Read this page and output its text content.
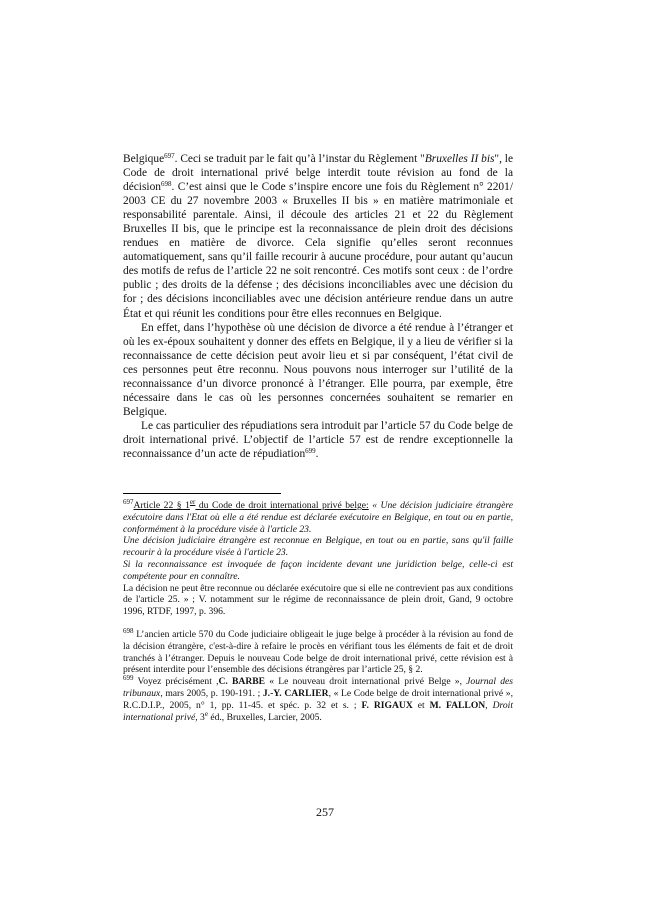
Belgique$^{697}$. Ceci se traduit par le fait qu’à l’instar du Règlement "Bruxelles II bis", le Code de droit international privé belge interdit toute révision au fond de la décision$^{698}$. C’est ainsi que le Code s’inspire encore une fois du Règlement n° 2201/ 2003 CE du 27 novembre 2003 « Bruxelles II bis » en matière matrimoniale et responsabilité parentale. Ainsi, il découle des articles 21 et 22 du Règlement Bruxelles II bis, que le principe est la reconnaissance de plein droit des décisions rendues en matière de divorce. Cela signifie qu’elles seront reconnues automatiquement, sans qu’il faille recourir à aucune procédure, pour autant qu’aucun des motifs de refus de l’article 22 ne soit rencontré. Ces motifs sont ceux : de l’ordre public ; des droits de la défense ; des décisions inconciliables avec une décision du for ; des décisions inconciliables avec une décision antérieure rendue dans un autre État et qui réunit les conditions pour être elles reconnues en Belgique.

En effet, dans l’hypothèse où une décision de divorce a été rendue à l’étranger et où les ex-époux souhaitent y donner des effets en Belgique, il y a lieu de vérifier si la reconnaissance de cette décision peut avoir lieu et si par conséquent, l’état civil de ces personnes peut être reconnu. Nous pouvons nous interroger sur l’utilité de la reconnaissance d’un divorce prononcé à l’étranger. Elle pourra, par exemple, être nécessaire dans le cas où les personnes concernées souhaitent se remarier en Belgique.

Le cas particulier des répudiations sera introduit par l’article 57 du Code belge de droit international privé. L’objectif de l’article 57 est de rendre exceptionnelle la reconnaissance d’un acte de répudiation$^{699}$.

$^{697}$Article 22 § 1er du Code de droit international privé belge: « Une décision judiciaire étrangère exécutoire dans l'Etat où elle a été rendue est déclarée exécutoire en Belgique, en tout ou en partie, conformément à la procédure visée à l'article 23.

Une décision judiciaire étrangère est reconnue en Belgique, en tout ou en partie, sans qu'il faille recourir à la procédure visée à l'article 23.

Si la reconnaissance est invoquée de façon incidente devant une juridiction belge, celle-ci est compétente pour en connaître.

La décision ne peut être reconnue ou déclarée exécutoire que si elle ne contrevient pas aux conditions de l'article 25. » ; V. notamment sur le régime de reconnaissance de plein droit, Gand, 9 octobre 1996, RTDF, 1997, p. 396.

$^{698}$ L’ancien article 570 du Code judiciaire obligeait le juge belge à procéder à la révision au fond de la décision étrangère, c'est-à-dire à refaire le procès en vérifiant tous les éléments de fait et de droit tranchés à l’étranger. Depuis le nouveau Code belge de droit international privé, cette révision est à présent interdite pour l’ensemble des décisions étrangères par l’article 25, § 2.

$^{699}$ Voyez précisément ,C. BARBE « Le nouveau droit international privé Belge », Journal des tribunaux, mars 2005, p. 190-191. ; J.-Y. CARLIER, « Le Code belge de droit international privé », R.C.D.I.P., 2005, n° 1, pp. 11-45. et spéc. p. 32 et s. ; F. RIGAUX et M. FALLON, Droit international privé, 3e éd., Bruxelles, Larcier, 2005.

257
